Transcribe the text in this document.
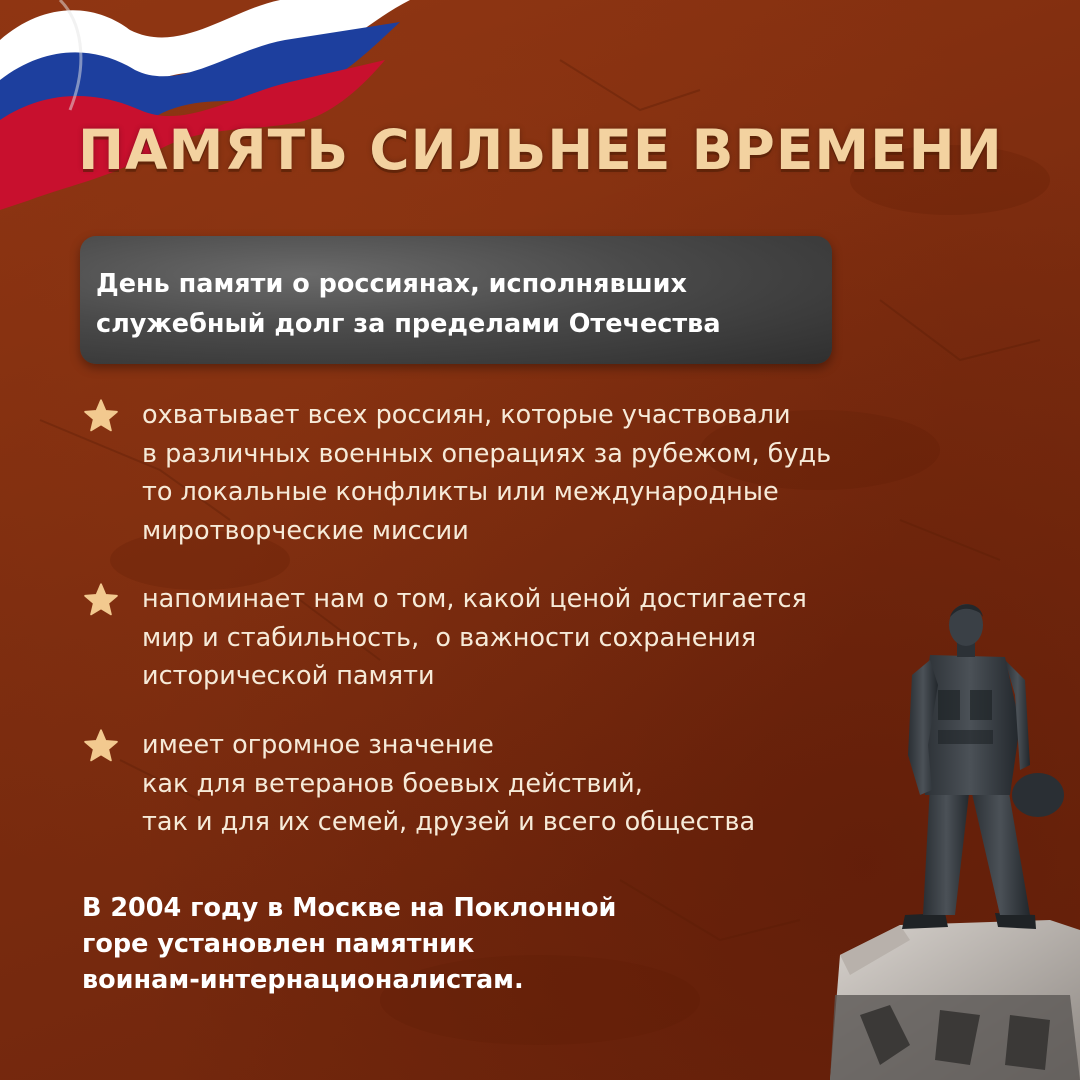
ПАМЯТЬ СИЛЬНЕЕ ВРЕМЕНИ
День памяти о россиянах, исполнявших
служебный долг за пределами Отечества
охватывает всех россиян, которые участвовали
в различных военных операциях за рубежом, будь
то локальные конфликты или международные
миротворческие миссии
напоминает нам о том, какой ценой достигается
мир и стабильность,  о важности сохранения
исторической памяти
имеет огромное значение
как для ветеранов боевых действий,
так и для их семей, друзей и всего общества
В 2004 году в Москве на Поклонной
горе установлен памятник
воинам-интернационалистам.
